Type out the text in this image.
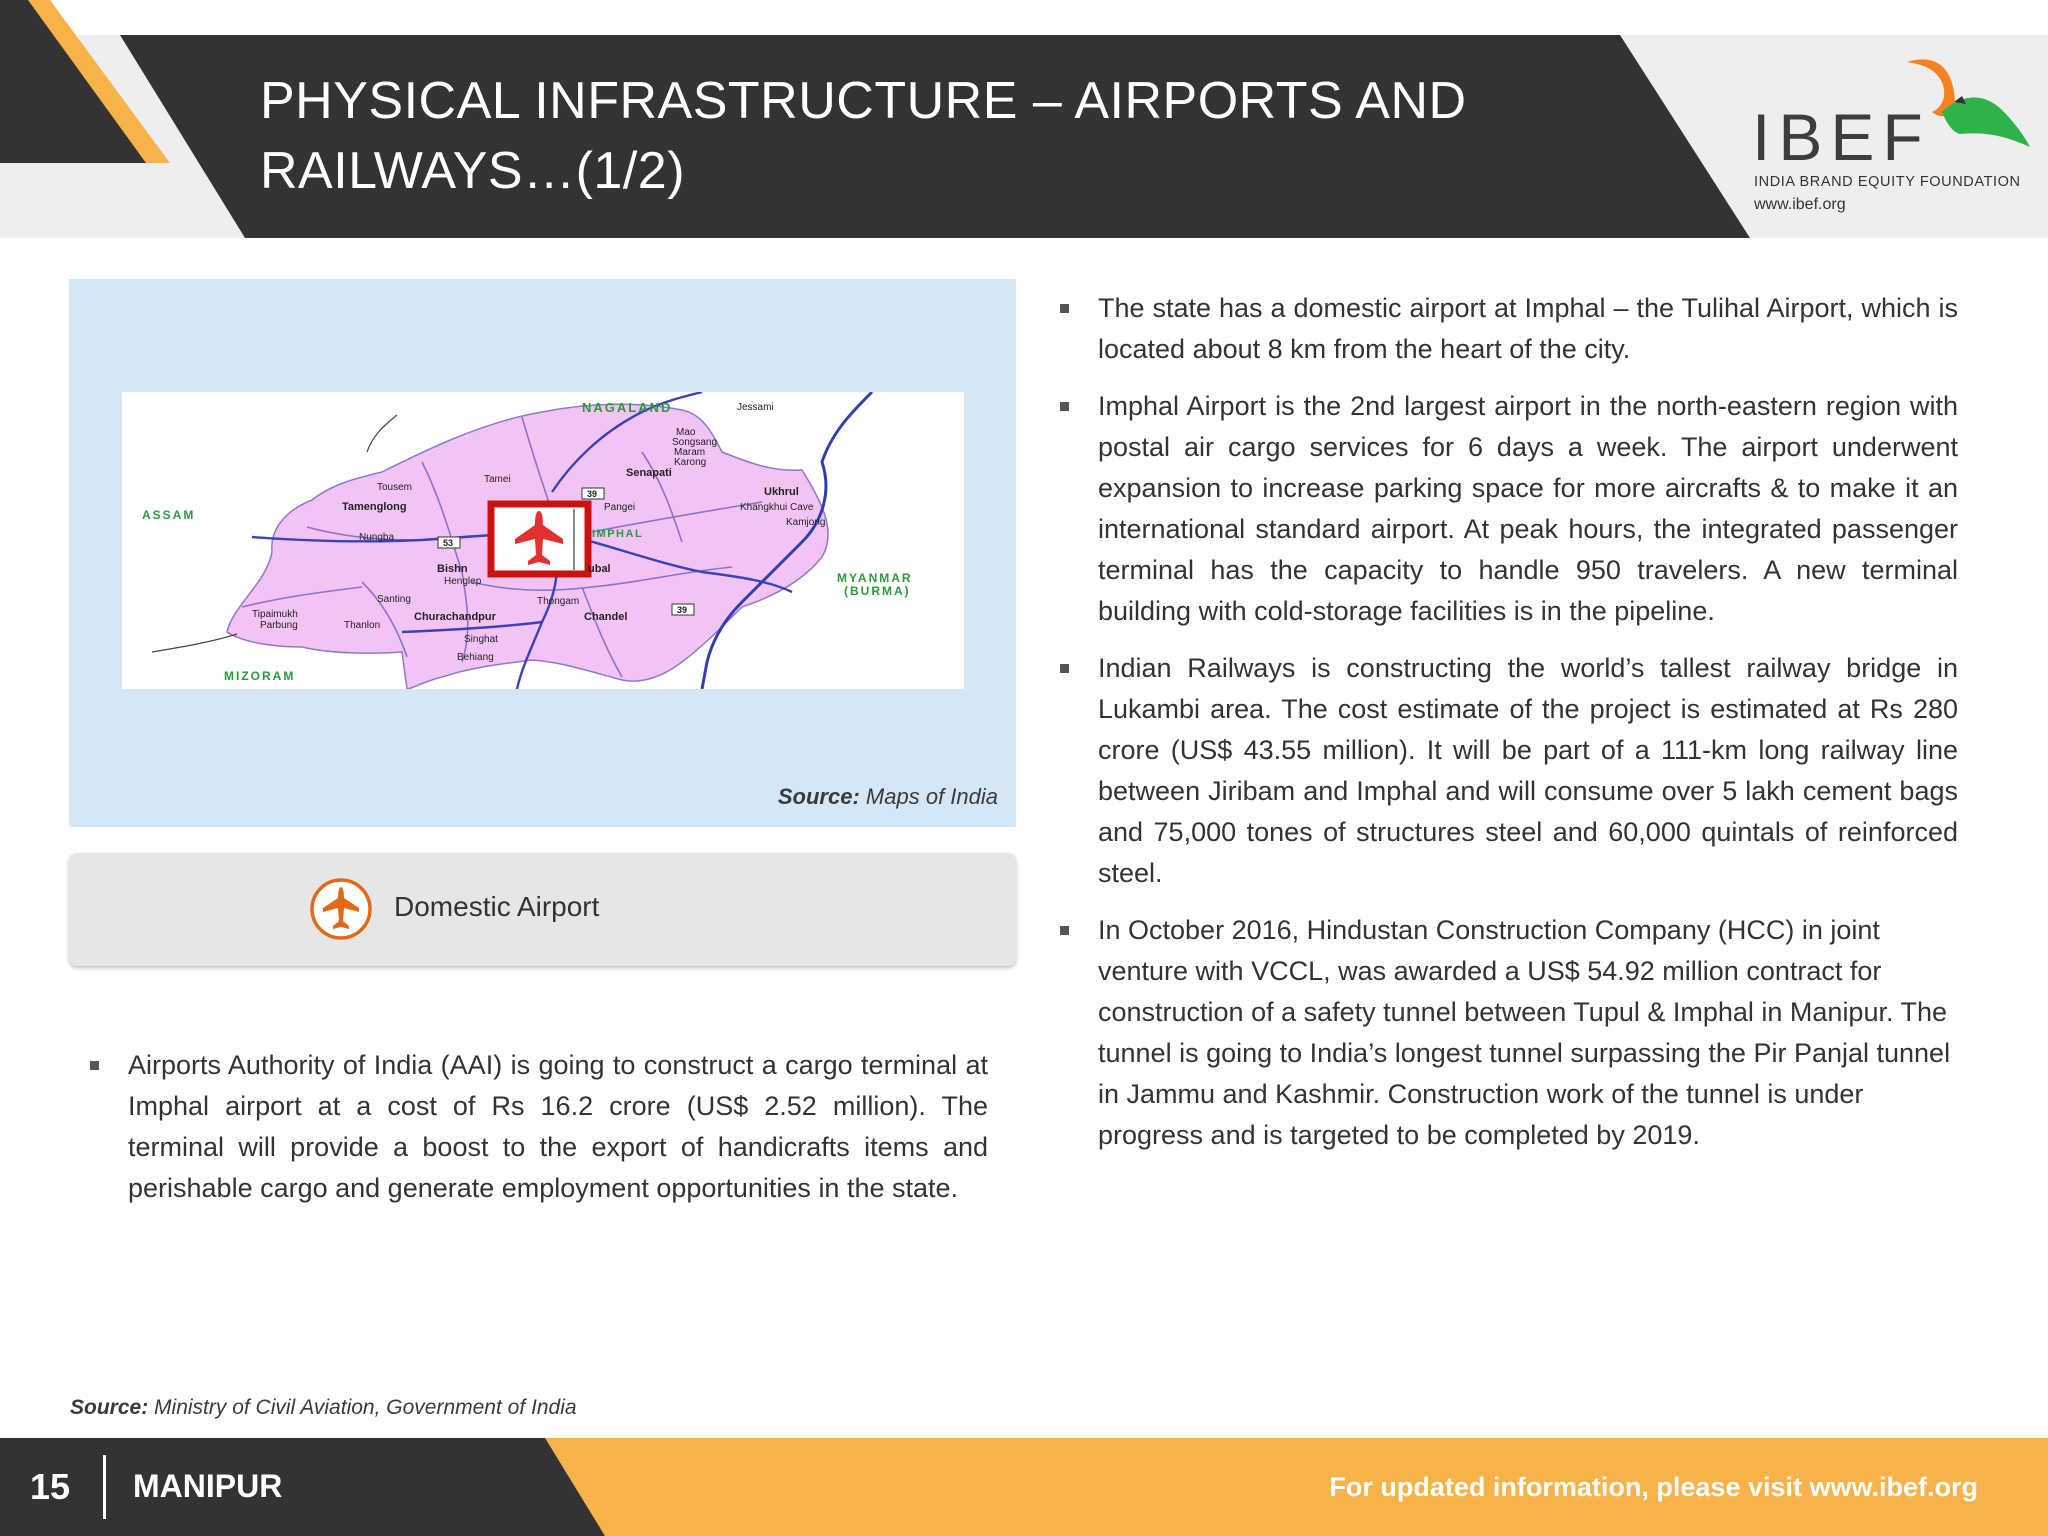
PHYSICAL INFRASTRUCTURE – AIRPORTS AND
RAILWAYS…(1/2)	IBEF
INDIA BRAND EQUITY FOUNDATION
www.ibef.org
NAGALAND	Jessami
Mao
Songsang
Maram
Karong
Senapati
Tousem
Tamei
ASSAM
Tamenglong
Nungba
Pangei
Ukhrul
Khangkhui Cave
Kamjong
IMPHAL
Bishn	ubal
Henglep	MYANMAR
(BURMA)
Santing	Thongam
Tipaimukh
Parbung	Thanlon
Churachandpur	Chandel
Singhat
Behiang
MIZORAM
39
53
39
Source: Maps of India
Domestic Airport
The state has a domestic airport at Imphal – the Tulihal Airport, which is located about 8 km from the heart of the city.
Imphal Airport is the 2nd largest airport in the north-eastern region with postal air cargo services for 6 days a week. The airport underwent expansion to increase parking space for more aircrafts & to make it an international standard airport. At peak hours, the integrated passenger terminal has the capacity to handle 950 travelers. A new terminal building with cold-storage facilities is in the pipeline.
Indian Railways is constructing the world’s tallest railway bridge in Lukambi area. The cost estimate of the project is estimated at Rs 280 crore (US$ 43.55 million). It will be part of a 111-km long railway line between Jiribam and Imphal and will consume over 5 lakh cement bags and 75,000 tones of structures steel and 60,000 quintals of reinforced steel.
In October 2016, Hindustan Construction Company (HCC) in joint venture with VCCL, was awarded a US$ 54.92 million contract for construction of a safety tunnel between Tupul & Imphal in Manipur. The tunnel is going to India’s longest tunnel surpassing the Pir Panjal tunnel in Jammu and Kashmir. Construction work of the tunnel is under progress and is targeted to be completed by 2019.
Airports Authority of India (AAI) is going to construct a cargo terminal at Imphal airport at a cost of Rs 16.2 crore (US$ 2.52 million). The terminal will provide a boost to the export of handicrafts items and perishable cargo and generate employment opportunities in the state.
Source: Ministry of Civil Aviation, Government of India
15 MANIPUR	For updated information, please visit www.ibef.org
